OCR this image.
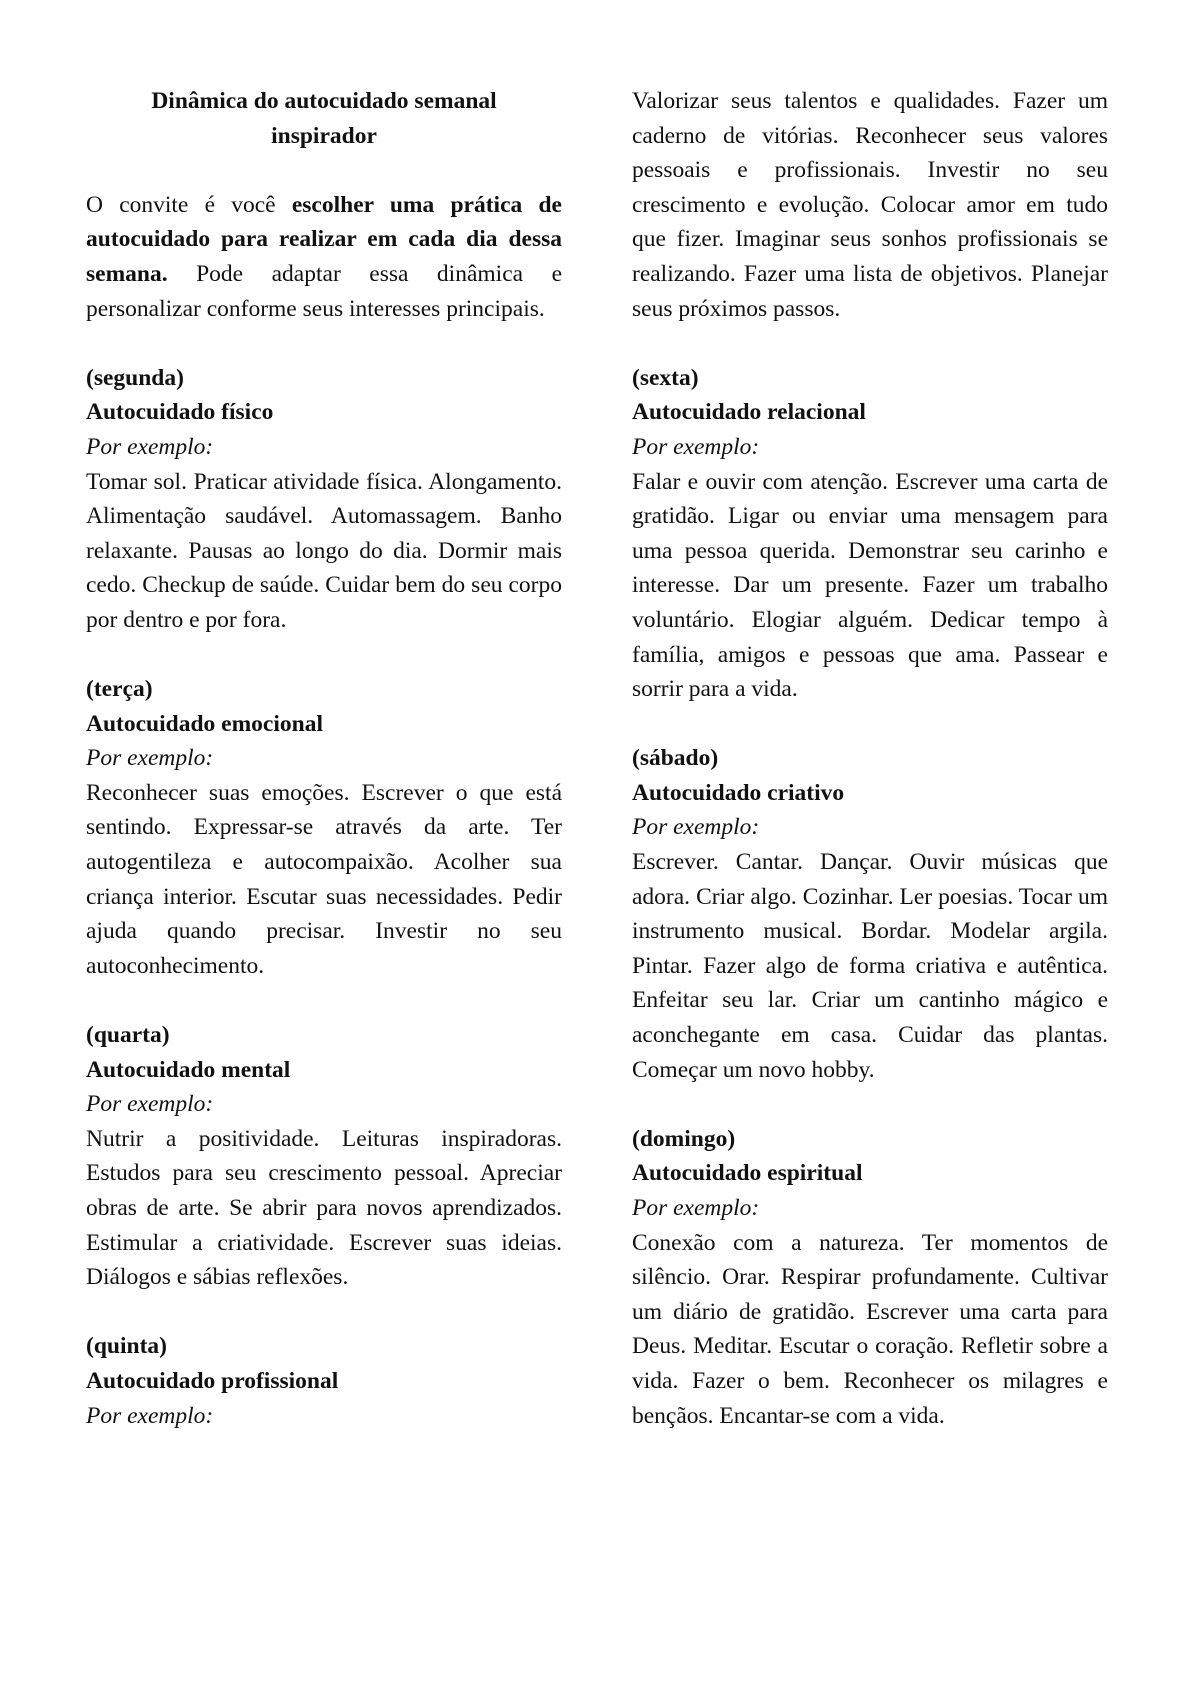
Dinâmica do autocuidado semanal
inspirador

O convite é você escolher uma prática de autocuidado para realizar em cada dia dessa semana. Pode adaptar essa dinâmica e personalizar conforme seus interesses principais.

(segunda)
Autocuidado físico
Por exemplo:
Tomar sol. Praticar atividade física. Alongamento. Alimentação saudável. Automassagem. Banho relaxante. Pausas ao longo do dia. Dormir mais cedo. Checkup de saúde. Cuidar bem do seu corpo por dentro e por fora.
(terça)
Autocuidado emocional
Por exemplo:
Reconhecer suas emoções. Escrever o que está sentindo. Expressar-se através da arte. Ter autogentileza e autocompaixão. Acolher sua criança interior. Escutar suas necessidades. Pedir ajuda quando precisar. Investir no seu autoconhecimento.
(quarta)
Autocuidado mental
Por exemplo:
Nutrir a positividade. Leituras inspiradoras. Estudos para seu crescimento pessoal. Apreciar obras de arte. Se abrir para novos aprendizados. Estimular a criatividade. Escrever suas ideias. Diálogos e sábias reflexões.
(quinta)
Autocuidado profissional
Por exemplo:
Valorizar seus talentos e qualidades. Fazer um caderno de vitórias. Reconhecer seus valores pessoais e profissionais. Investir no seu crescimento e evolução. Colocar amor em tudo que fizer. Imaginar seus sonhos profissionais se realizando. Fazer uma lista de objetivos. Planejar seus próximos passos.
(sexta)
Autocuidado relacional
Por exemplo:
Falar e ouvir com atenção. Escrever uma carta de gratidão. Ligar ou enviar uma mensagem para uma pessoa querida. Demonstrar seu carinho e interesse. Dar um presente. Fazer um trabalho voluntário. Elogiar alguém. Dedicar tempo à família, amigos e pessoas que ama. Passear e sorrir para a vida.
(sábado)
Autocuidado criativo
Por exemplo:
Escrever. Cantar. Dançar. Ouvir músicas que adora. Criar algo. Cozinhar. Ler poesias. Tocar um instrumento musical. Bordar. Modelar argila. Pintar. Fazer algo de forma criativa e autêntica. Enfeitar seu lar. Criar um cantinho mágico e aconchegante em casa. Cuidar das plantas. Começar um novo hobby.
(domingo)
Autocuidado espiritual
Por exemplo:
Conexão com a natureza. Ter momentos de silêncio. Orar. Respirar profundamente. Cultivar um diário de gratidão. Escrever uma carta para Deus. Meditar. Escutar o coração. Refletir sobre a vida. Fazer o bem. Reconhecer os milagres e bençãos. Encantar-se com a vida.
